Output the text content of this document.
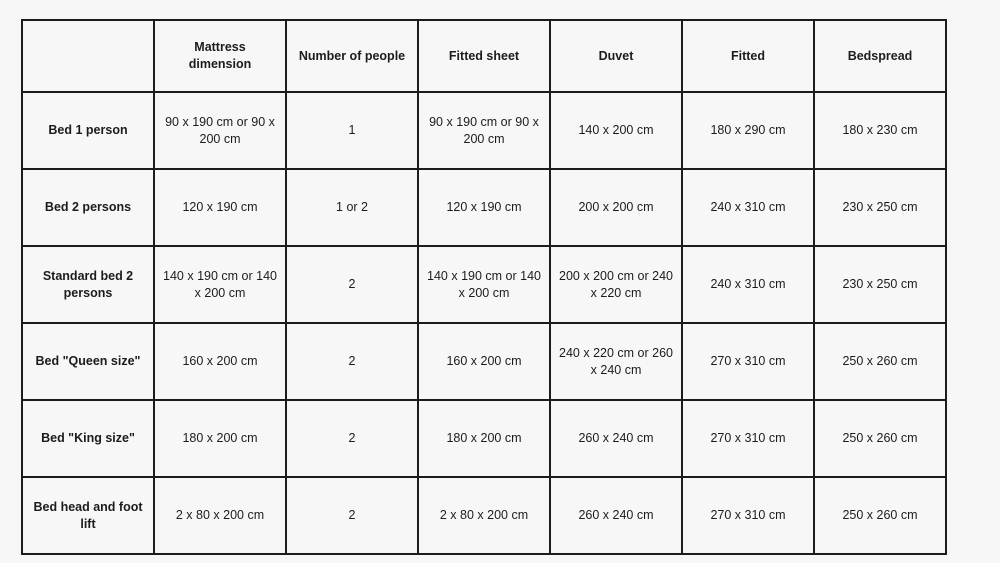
	Mattress dimension	Number of people	Fitted sheet	Duvet	Fitted	Bedspread
Bed 1 person	90 x 190 cm or 90 x 200 cm	1	90 x 190 cm or 90 x 200 cm	140 x 200 cm	180 x 290 cm	180 x 230 cm
Bed 2 persons	120 x 190 cm	1 or 2	120 x 190 cm	200 x 200 cm	240 x 310 cm	230 x 250 cm
Standard bed 2 persons	140 x 190 cm or 140 x 200 cm	2	140 x 190 cm or 140 x 200 cm	200 x 200 cm or 240 x 220 cm	240 x 310 cm	230 x 250 cm
Bed "Queen size"	160 x 200 cm	2	160 x 200 cm	240 x 220 cm or 260 x 240 cm	270 x 310 cm	250 x 260 cm
Bed "King size"	180 x 200 cm	2	180 x 200 cm	260 x 240 cm	270 x 310 cm	250 x 260 cm
Bed head and foot lift	2 x 80 x 200 cm	2	2 x 80 x 200 cm	260 x 240 cm	270 x 310 cm	250 x 260 cm
